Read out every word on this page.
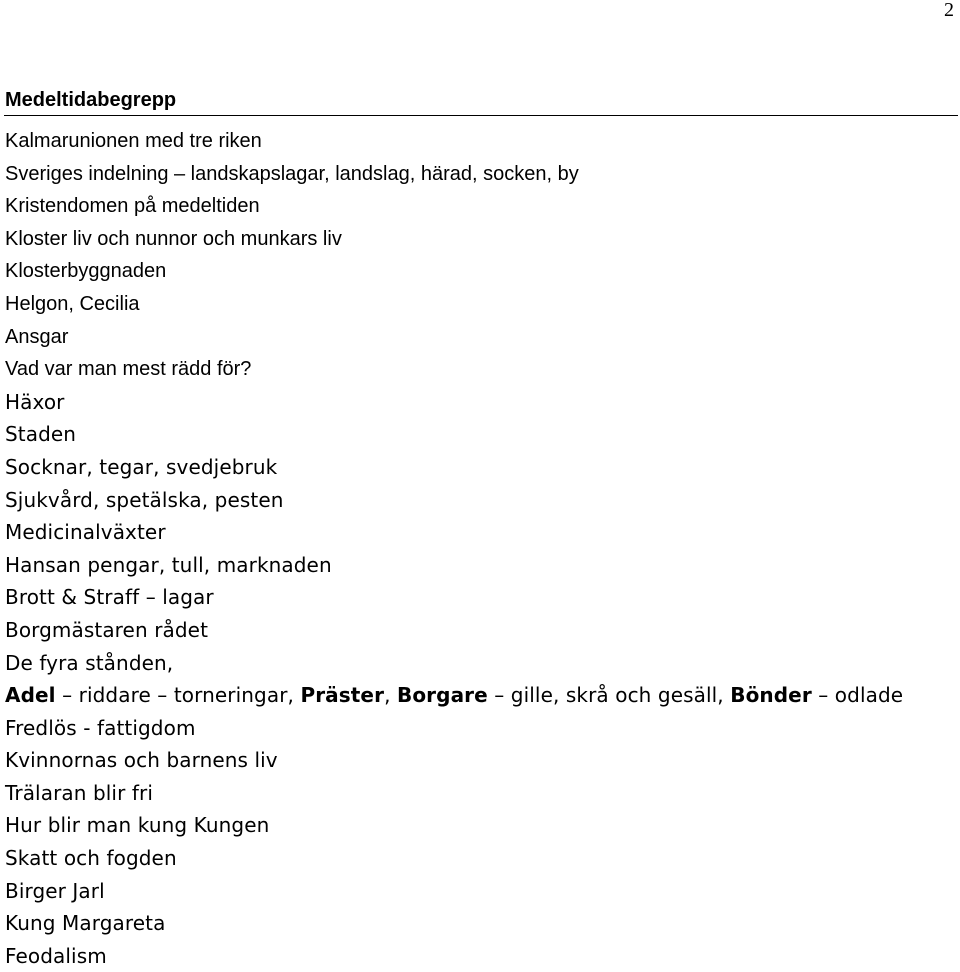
2
Medeltidabegrepp
Kalmarunionen med tre riken
Sveriges indelning – landskapslagar, landslag, härad, socken, by
Kristendomen på medeltiden
Kloster liv och nunnor och munkars liv
Klosterbyggnaden
Helgon, Cecilia
Ansgar
Vad var man mest rädd för?
Häxor
Staden
Socknar, tegar, svedjebruk
Sjukvård, spetälska, pesten
Medicinalväxter
Hansan pengar, tull, marknaden
Brott & Straff – lagar
Borgmästaren rådet
De fyra stånden,
Adel – riddare – torneringar, Präster, Borgare – gille, skrå och gesäll, Bönder – odlade
Fredlös - fattigdom
Kvinnornas och barnens liv
Trälaran blir fri
Hur blir man kung Kungen
Skatt och fogden
Birger Jarl
Kung Margareta
Feodalism
